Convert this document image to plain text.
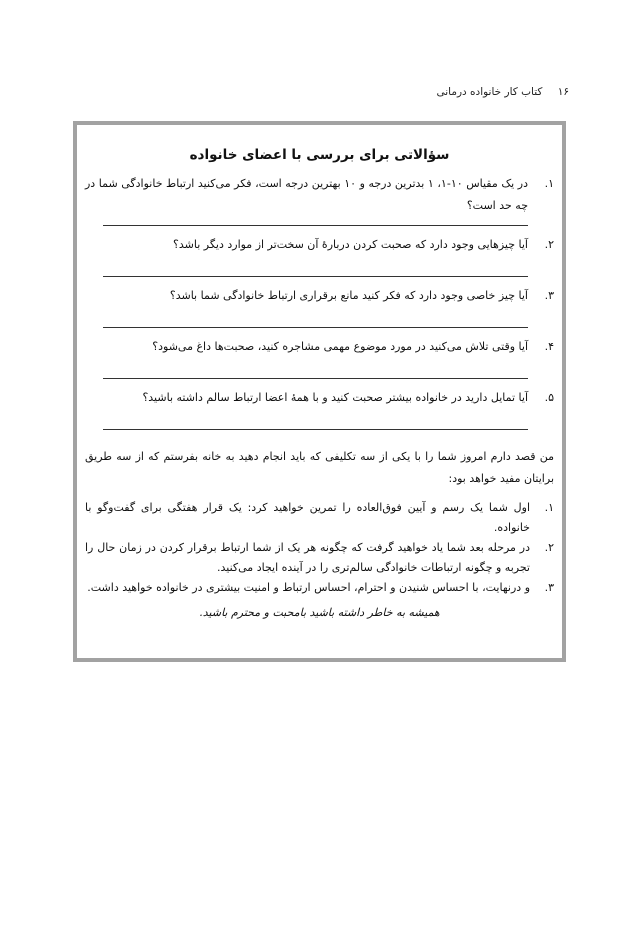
۱۶ کتاب کار خانواده درمانی
سؤالاتی برای بررسی با اعضای خانواده
۱.
در یک مقیاس ۱۰-۱، ۱ بدترین درجه و ۱۰ بهترین درجه است، فکر می‌کنید ارتباط خانوادگی شما در چه حد است؟
۲.
آیا چیزهایی وجود دارد که صحبت کردن دربارهٔ آن سخت‌تر از موارد دیگر باشد؟
۳.
آیا چیز خاصی وجود دارد که فکر کنید مانع برقراری ارتباط خانوادگی شما باشد؟
۴.
آیا وقتی تلاش می‌کنید در مورد موضوع مهمی مشاجره کنید، صحبت‌ها داغ می‌شود؟
۵.
آیا تمایل دارید در خانواده بیشتر صحبت کنید و با همهٔ اعضا ارتباط سالم داشته باشید؟
من قصد دارم امروز شما را با یکی از سه تکلیفی که باید انجام دهید به خانه بفرستم که از سه طریق برایتان مفید خواهد بود:
۱.
اول شما یک رسم و آیین فوق‌العاده را تمرین خواهید کرد: یک قرار هفتگی برای گفت‌وگو با خانواده.
۲.
در مرحله بعد شما یاد خواهید گرفت که چگونه هر یک از شما ارتباط برقرار کردن در زمان حال را تجربه و چگونه ارتباطات خانوادگی سالم‌تری را در آینده ایجاد می‌کنید.
۳.
و درنهایت، با احساس شنیدن و احترام، احساس ارتباط و امنیت بیشتری در خانواده خواهید داشت.
همیشه به خاطر داشته باشید بامحبت و محترم باشید.
